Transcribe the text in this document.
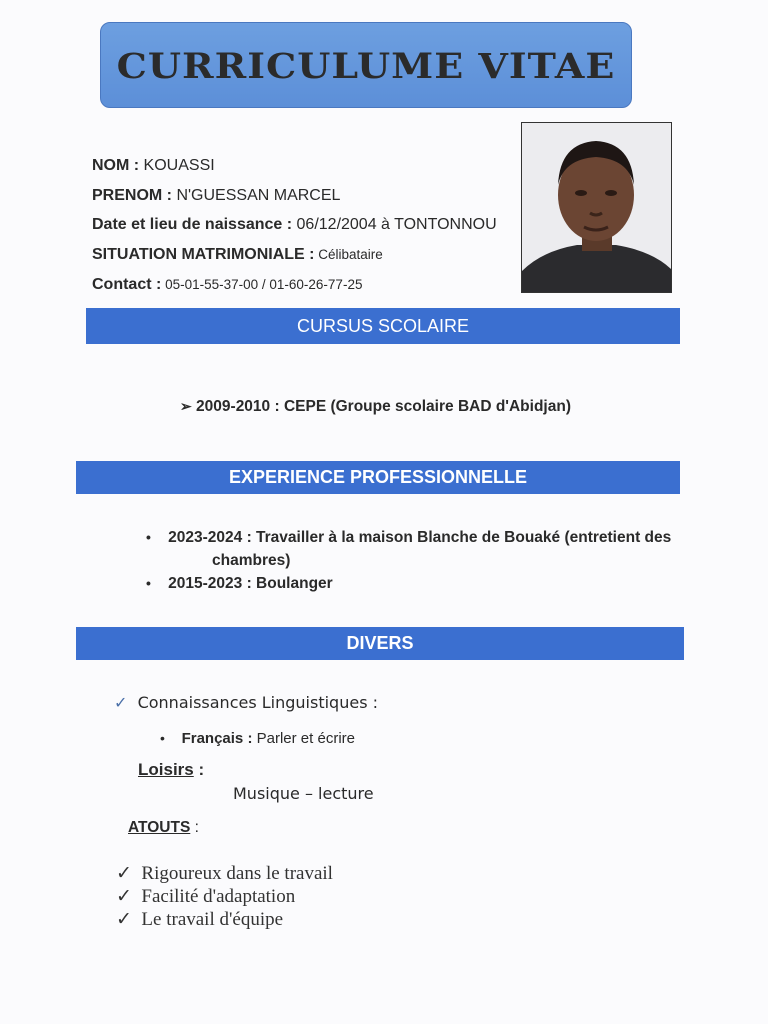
CURRICULUME VITAE
NOM : KOUASSI
PRENOM : N'GUESSAN MARCEL
Date et lieu de naissance : 06/12/2004 à TONTONNOU
SITUATION MATRIMONIALE : Célibataire
Contact : 05-01-55-37-00 / 01-60-26-77-25
CURSUS SCOLAIRE
➢ 2009-2010 : CEPE (Groupe scolaire BAD d'Abidjan)
EXPERIENCE PROFESSIONNELLE
• 2023-2024 : Travailler à la maison Blanche de Bouaké (entretient des
chambres)
• 2015-2023 : Boulanger
DIVERS
✓ Connaissances Linguistiques :
• Français : Parler et écrire
Loisirs :
Musique – lecture
ATOUTS :
✓ Rigoureux dans le travail
✓ Facilité d'adaptation
✓ Le travail d'équipe
